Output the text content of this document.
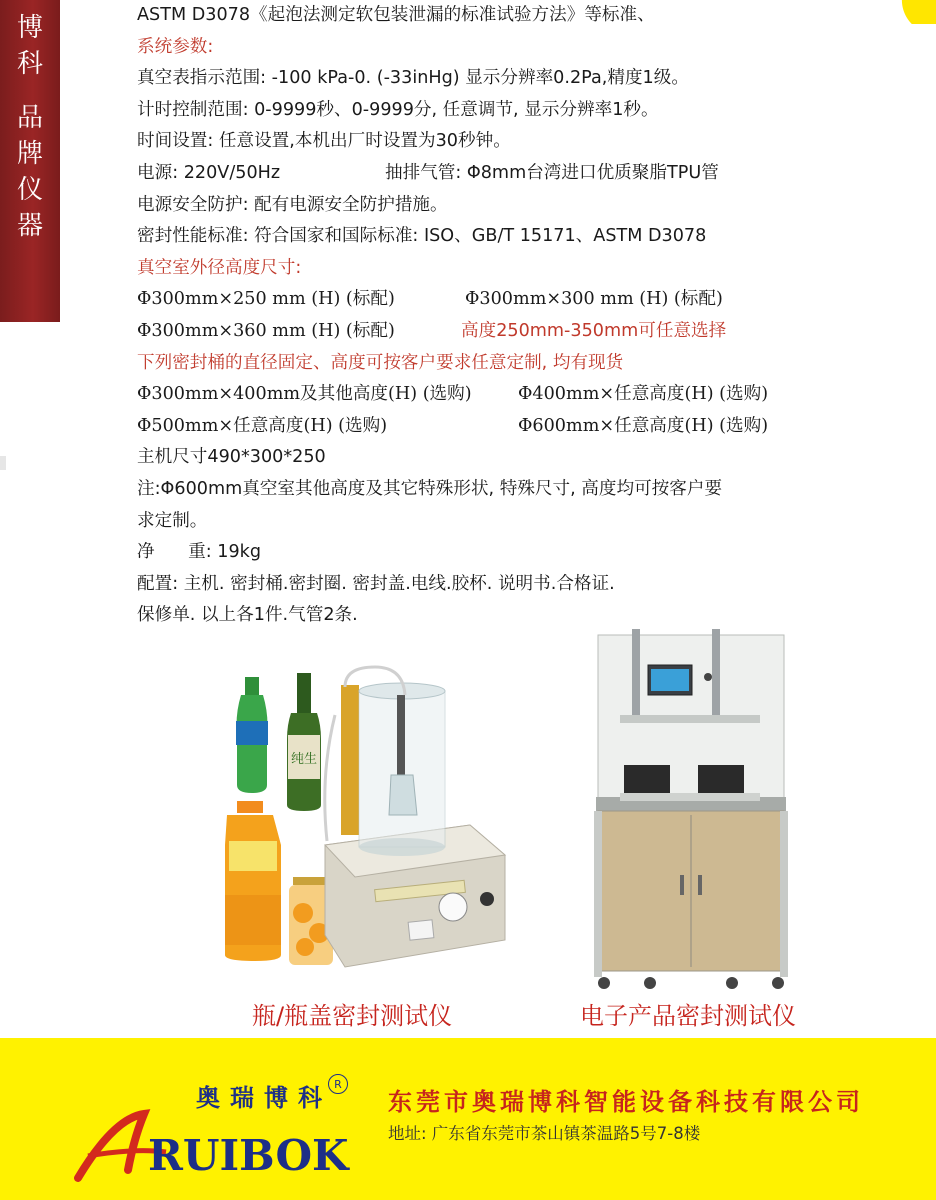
博
科
品
牌
仪
器
ASTM D3078《起泡法测定软包装泄漏的标准试验方法》等标准、
系统参数:
真空表指示范围: -100 kPa-0. (-33inHg) 显示分辨率0.2Pa,精度1级。
计时控制范围: 0-9999秒、0-9999分, 任意调节, 显示分辨率1秒。
时间设置: 任意设置,本机出厂时设置为30秒钟。
电源: 220V/50Hz	抽排气管: Φ8mm台湾进口优质聚脂TPU管
电源安全防护: 配有电源安全防护措施。
密封性能标准: 符合国家和国际标准: ISO、GB/T 15171、ASTM D3078
真空室外径高度尺寸:
Φ300mm×250 mm (H) (标配)	Φ300mm×300 mm (H) (标配)
Φ300mm×360 mm (H) (标配)	高度250mm-350mm可任意选择
下列密封桶的直径固定、高度可按客户要求任意定制, 均有现货
Φ300mm×400mm及其他高度(H) (选购)	Φ400mm×任意高度(H) (选购)
Φ500mm×任意高度(H) (选购)	Φ600mm×任意高度(H) (选购)
主机尺寸490*300*250
注:Φ600mm真空室其他高度及其它特殊形状, 特殊尺寸, 高度均可按客户要
求定制。
净      重: 19kg
配置: 主机. 密封桶.密封圈. 密封盖.电线.胶杯. 说明书.合格证.
保修单. 以上各1件.气管2条.
纯生
瓶/瓶盖密封测试仪	电子产品密封测试仪
奥瑞博科 R
RUIBOK
东莞市奥瑞博科智能设备科技有限公司
地址: 广东省东莞市茶山镇茶温路5号7-8楼
